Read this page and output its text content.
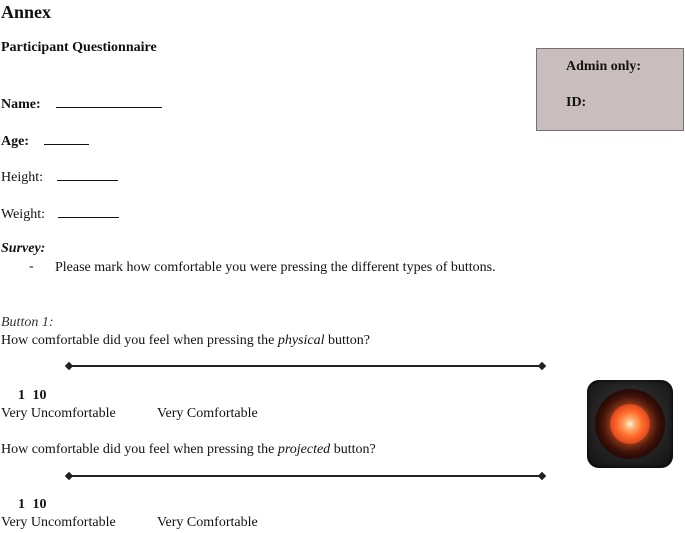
Annex
Participant Questionnaire
Admin only:
ID:
Name:
Age:
Height:
Weight:
Survey:
- Please mark how comfortable you were pressing the different types of buttons.
Button 1:
How comfortable did you feel when pressing the physical button?
1 10
Very Uncomfortable	Very Comfortable
How comfortable did you feel when pressing the projected button?
1 10
Very Uncomfortable	Very Comfortable
